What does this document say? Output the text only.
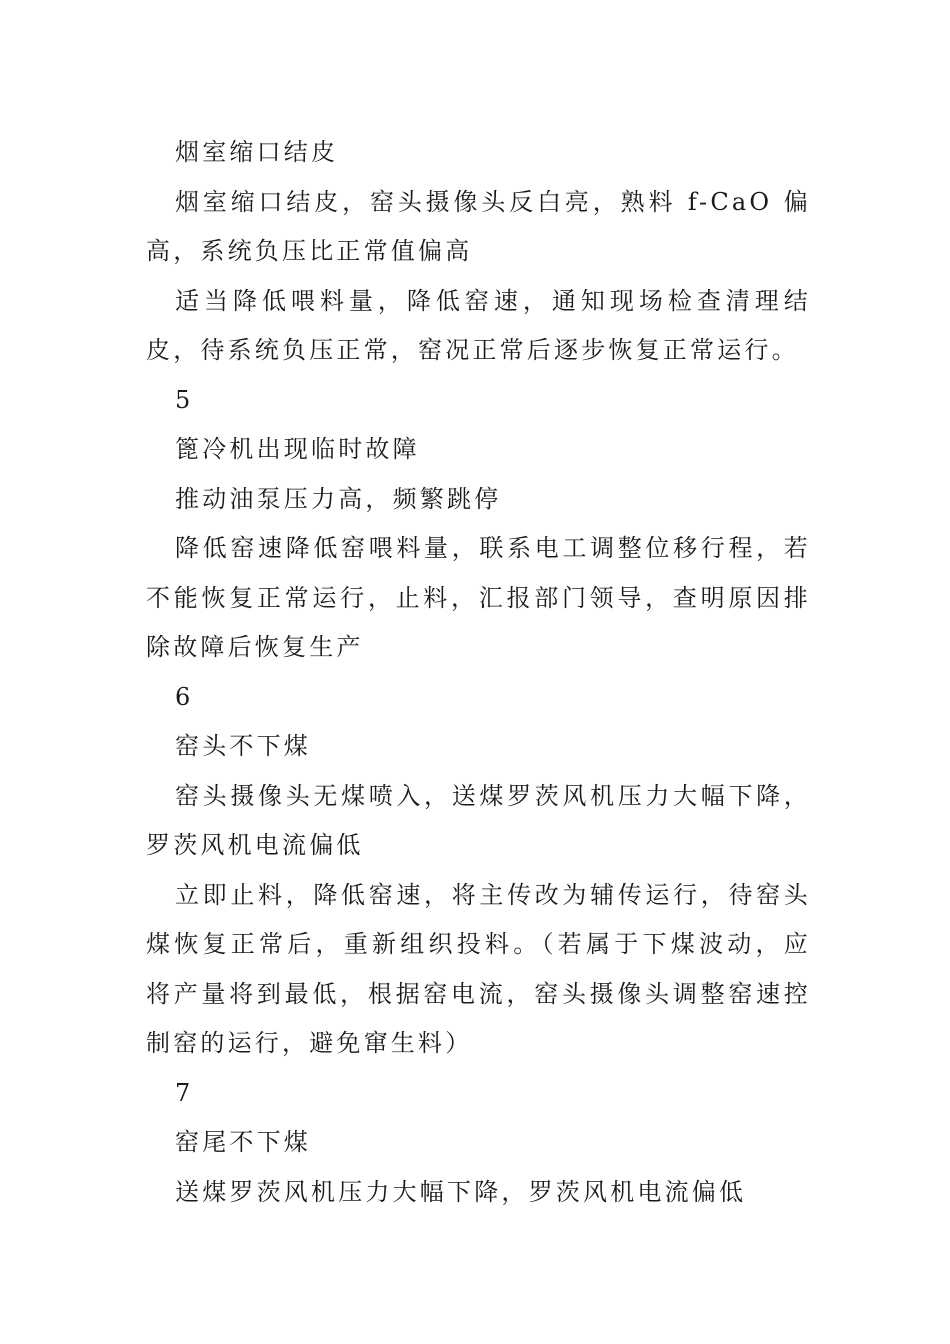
烟室缩口结皮

烟室缩口结皮，窑头摄像头反白亮，熟料 f-CaO 偏高，系统负压比正常值偏高

适当降低喂料量，降低窑速，通知现场检查清理结皮，待系统负压正常，窑况正常后逐步恢复正常运行。

5

篦冷机出现临时故障

推动油泵压力高，频繁跳停

降低窑速降低窑喂料量，联系电工调整位移行程，若不能恢复正常运行，止料，汇报部门领导，查明原因排除故障后恢复生产

6

窑头不下煤

窑头摄像头无煤喷入，送煤罗茨风机压力大幅下降，罗茨风机电流偏低

立即止料，降低窑速，将主传改为辅传运行，待窑头煤恢复正常后，重新组织投料。（若属于下煤波动，应将产量将到最低，根据窑电流，窑头摄像头调整窑速控制窑的运行，避免窜生料）

7

窑尾不下煤

送煤罗茨风机压力大幅下降，罗茨风机电流偏低
